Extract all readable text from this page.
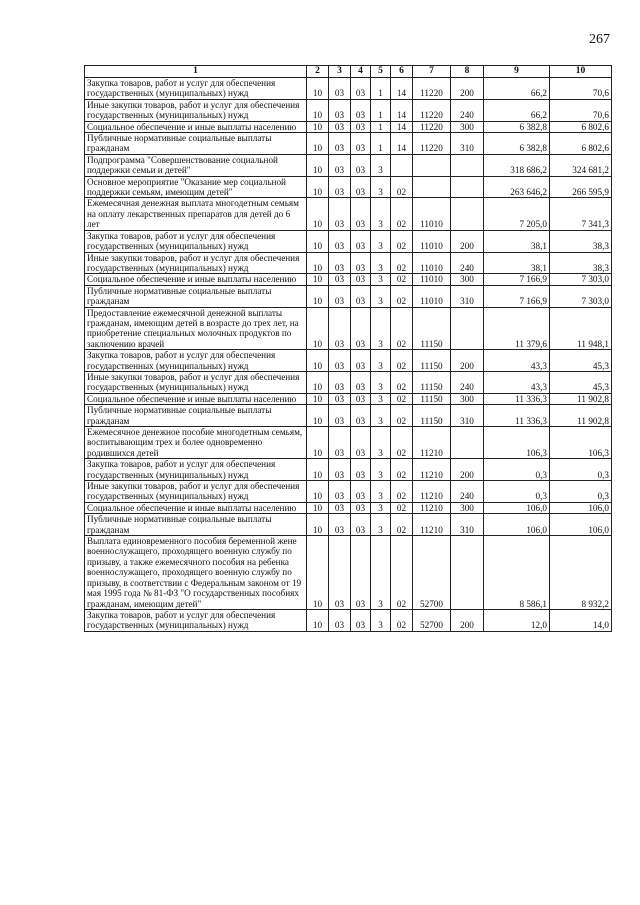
267
1	2	3	4	5	6	7	8	9	10
Закупка товаров, работ и услуг для обеспечения государственных (муниципальных) нужд	10	03	03	1	14	11220	200	66,2	70,6
Иные закупки товаров, работ и услуг для обеспечения государственных (муниципальных) нужд	10	03	03	1	14	11220	240	66,2	70,6
Социальное обеспечение и иные выплаты населению	10	03	03	1	14	11220	300	6 382,8	6 802,6
Публичные нормативные социальные выплаты гражданам	10	03	03	1	14	11220	310	6 382,8	6 802,6
Подпрограмма "Совершенствование социальной поддержки семьи и детей"	10	03	03	3				318 686,2	324 681,2
Основное мероприятие "Оказание мер социальной поддержки семьям, имеющим детей"	10	03	03	3	02			263 646,2	266 595,9
Ежемесячная денежная выплата многодетным семьям на оплату лекарственных препаратов для детей до 6 лет	10	03	03	3	02	11010		7 205,0	7 341,3
Закупка товаров, работ и услуг для обеспечения государственных (муниципальных) нужд	10	03	03	3	02	11010	200	38,1	38,3
Иные закупки товаров, работ и услуг для обеспечения государственных (муниципальных) нужд	10	03	03	3	02	11010	240	38,1	38,3
Социальное обеспечение и иные выплаты населению	10	03	03	3	02	11010	300	7 166,9	7 303,0
Публичные нормативные социальные выплаты гражданам	10	03	03	3	02	11010	310	7 166,9	7 303,0
Предоставление ежемесячной денежной выплаты гражданам, имеющим детей в возрасте до трех лет, на приобретение специальных молочных продуктов по заключению врачей	10	03	03	3	02	11150		11 379,6	11 948,1
Закупка товаров, работ и услуг для обеспечения государственных (муниципальных) нужд	10	03	03	3	02	11150	200	43,3	45,3
Иные закупки товаров, работ и услуг для обеспечения государственных (муниципальных) нужд	10	03	03	3	02	11150	240	43,3	45,3
Социальное обеспечение и иные выплаты населению	10	03	03	3	02	11150	300	11 336,3	11 902,8
Публичные нормативные социальные выплаты гражданам	10	03	03	3	02	11150	310	11 336,3	11 902,8
Ежемесячное денежное пособие многодетным семьям, воспитывающим трех и более одновременно родившихся детей	10	03	03	3	02	11210		106,3	106,3
Закупка товаров, работ и услуг для обеспечения государственных (муниципальных) нужд	10	03	03	3	02	11210	200	0,3	0,3
Иные закупки товаров, работ и услуг для обеспечения государственных (муниципальных) нужд	10	03	03	3	02	11210	240	0,3	0,3
Социальное обеспечение и иные выплаты населению	10	03	03	3	02	11210	300	106,0	106,0
Публичные нормативные социальные выплаты гражданам	10	03	03	3	02	11210	310	106,0	106,0
Выплата единовременного пособия беременной жене военнослужащего, проходящего военную службу по призыву, а также ежемесячного пособия на ребенка военнослужащего, проходящего военную службу по призыву, в соответствии с Федеральным законом от 19 мая 1995 года № 81-ФЗ "О государственных пособиях гражданам, имеющим детей"	10	03	03	3	02	52700		8 586,1	8 932,2
Закупка товаров, работ и услуг для обеспечения государственных (муниципальных) нужд	10	03	03	3	02	52700	200	12,0	14,0
